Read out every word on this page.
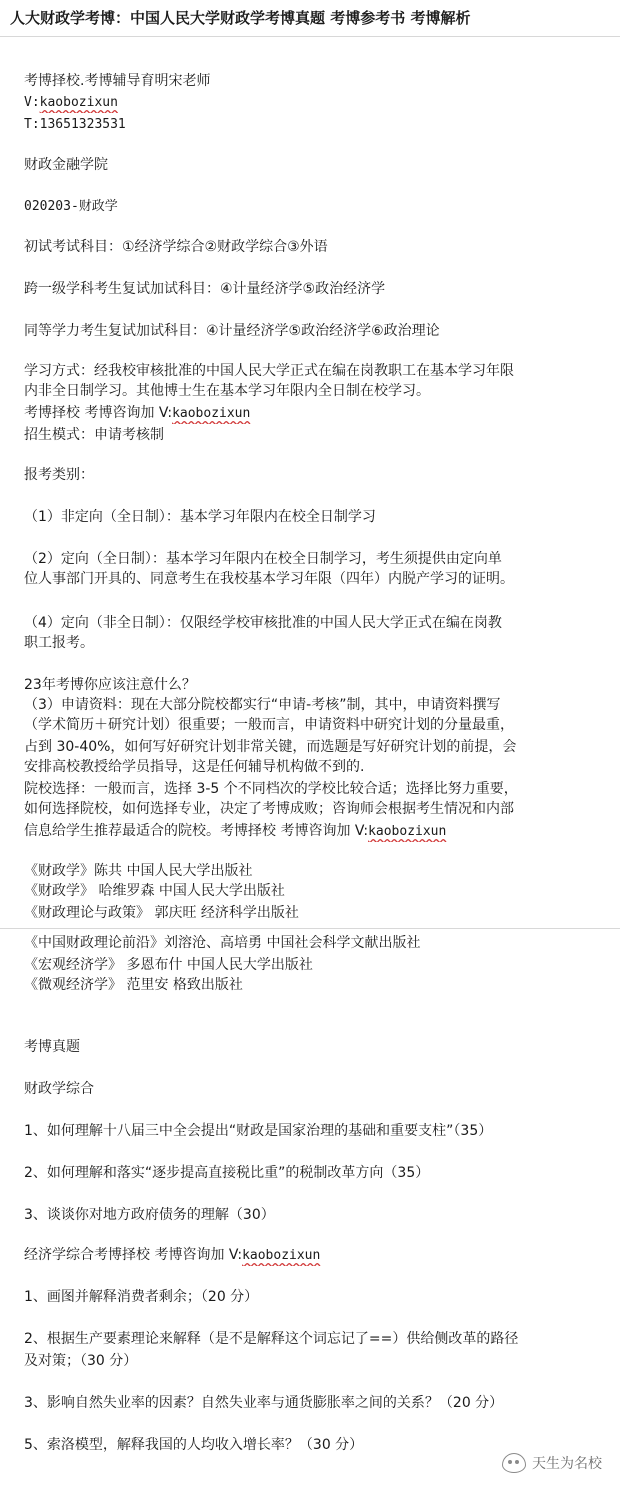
人大财政学考博：中国人民大学财政学考博真题 考博参考书 考博解析
考博择校.考博辅导育明宋老师
V:kaobozixun
T:13651323531
财政金融学院
020203-财政学
初试考试科目：①经济学综合②财政学综合③外语
跨一级学科考生复试加试科目：④计量经济学⑤政治经济学
同等学力考生复试加试科目：④计量经济学⑤政治经济学⑥政治理论
学习方式：经我校审核批准的中国人民大学正式在编在岗教职工在基本学习年限
内非全日制学习。其他博士生在基本学习年限内全日制在校学习。
考博择校 考博咨询加 V:kaobozixun
招生模式：申请考核制
报考类别：
（1）非定向（全日制）：基本学习年限内在校全日制学习
（2）定向（全日制）：基本学习年限内在校全日制学习，考生须提供由定向单
位人事部门开具的、同意考生在我校基本学习年限（四年）内脱产学习的证明。
（4）定向（非全日制）：仅限经学校审核批准的中国人民大学正式在编在岗教
职工报考。
23年考博你应该注意什么？
（3）申请资料：现在大部分院校都实行“申请-考核”制，其中，申请资料撰写
（学术简历＋研究计划）很重要；一般而言，申请资料中研究计划的分量最重，
占到 30-40%，如何写好研究计划非常关键，而选题是写好研究计划的前提，会
安排高校教授给学员指导，这是任何辅导机构做不到的.
院校选择：一般而言，选择 3-5 个不同档次的学校比较合适；选择比努力重要，
如何选择院校，如何选择专业，决定了考博成败；咨询师会根据考生情况和内部
信息给学生推荐最适合的院校。考博择校 考博咨询加 V:kaobozixun
《财政学》陈共 中国人民大学出版社
《财政学》 哈维罗森 中国人民大学出版社
《财政理论与政策》 郭庆旺 经济科学出版社
《中国财政理论前沿》刘溶沧、高培勇 中国社会科学文献出版社
《宏观经济学》 多恩布什 中国人民大学出版社
《微观经济学》 范里安 格致出版社
考博真题
财政学综合
1、如何理解十八届三中全会提出“财政是国家治理的基础和重要支柱”（35）
2、如何理解和落实“逐步提高直接税比重”的税制改革方向（35）
3、谈谈你对地方政府债务的理解（30）
经济学综合考博择校 考博咨询加 V:kaobozixun
1、画图并解释消费者剩余；（20 分）
2、根据生产要素理论来解释（是不是解释这个词忘记了==）供给侧改革的路径
及对策；（30 分）
3、影响自然失业率的因素？自然失业率与通货膨胀率之间的关系？（20 分）
5、索洛模型，解释我国的人均收入增长率？（30 分）
天生为名校
